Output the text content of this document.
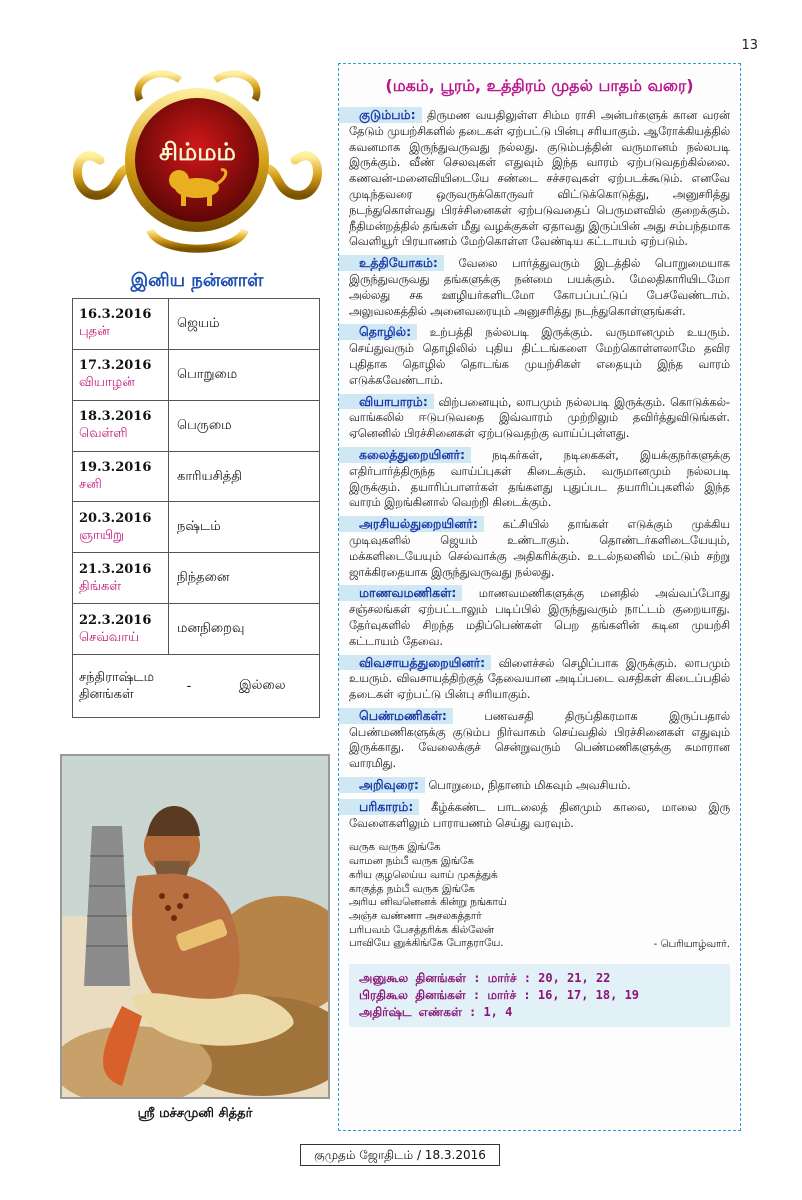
13
சிம்மம்
இனிய நன்னாள்
16.3.2016
புதன்	ஜெயம்

17.3.2016
வியாழன்	பொறுமை

18.3.2016
வெள்ளி	பெருமை

19.3.2016
சனி	காரியசித்தி

20.3.2016
ஞாயிறு	நஷ்டம்

21.3.2016
திங்கள்	நிந்தனை

22.3.2016
செவ்வாய்	மனநிறைவு

சந்திராஷ்டம
தினங்கள்
- இல்லை	
ஸ்ரீ மச்சமுனி சித்தர்
(மகம், பூரம், உத்திரம் முதல் பாதம் வரை)
குடும்பம்: திருமண வயதிலுள்ள சிம்ம ராசி அன்பர்களுக் கான வரன் தேடும் முயற்சிகளில் தடைகள் ஏற்பட்டு பின்பு சரியாகும். ஆரோக்கியத்தில் கவனமாக இருந்துவருவது நல்லது. குடும்பத்தின் வருமானம் நல்லபடி இருக்கும். வீண் செலவுகள் எதுவும் இந்த வாரம் ஏற்படுவதற்கில்லை. கணவன்-மனைவியிடையே சண்டை சச்சரவுகள் ஏற்படக்கூடும். எனவே முடிந்தவரை ஒருவருக்கொருவர் விட்டுக்கொடுத்து, அனுசரித்து நடந்துகொள்வது பிரச்சினைகள் ஏற்படுவதைப் பெருமளவில் குறைக்கும். நீதிமன்றத்தில் தங்கள் மீது வழக்குகள் ஏதாவது இருப்பின் அது சம்பந்தமாக வெளியூர் பிரயாணம் மேற்கொள்ள வேண்டிய கட்டாயம் ஏற்படும்.
உத்தியோகம்: வேலை பார்த்துவரும் இடத்தில் பொறுமையாக இருந்துவருவது தங்களுக்கு நன்மை பயக்கும். மேலதிகாரியிடமோ அல்லது சக ஊழியர்களிடமோ கோபப்பட்டுப் பேசவேண்டாம். அலுவலகத்தில் அனைவரையும் அனுசரித்து நடந்துகொள்ளுங்கள்.
தொழில்: உற்பத்தி நல்லபடி இருக்கும். வருமானமும் உயரும். செய்துவரும் தொழிலில் புதிய திட்டங்களை மேற்கொள்ளலாமே தவிர புதிதாக தொழில் தொடங்க முயற்சிகள் எதையும் இந்த வாரம் எடுக்கவேண்டாம்.
வியாபாரம்: விற்பனையும், லாபமும் நல்லபடி இருக்கும். கொடுக்கல்-வாங்கலில் ஈடுபடுவதை இவ்வாரம் முற்றிலும் தவிர்த்துவிடுங்கள். ஏனெனில் பிரச்சினைகள் ஏற்படுவதற்கு வாய்ப்புள்ளது.
கலைத்துறையினர்: நடிகர்கள், நடிகைகள், இயக்குநர்களுக்கு எதிர்பார்த்திருந்த வாய்ப்புகள் கிடைக்கும். வருமானமும் நல்லபடி இருக்கும். தயாரிப்பாளர்கள் தங்களது புதுப்பட தயாரிப்புகளில் இந்த வாரம் இறங்கினால் வெற்றி கிடைக்கும்.
அரசியல்துறையினர்: கட்சியில் தாங்கள் எடுக்கும் முக்கிய முடிவுகளில் ஜெயம் உண்டாகும். தொண்டர்களிடையேயும், மக்களிடையேயும் செல்வாக்கு அதிகரிக்கும். உடல்நலனில் மட்டும் சற்று ஜாக்கிரதையாக இருந்துவருவது நல்லது.
மாணவமணிகள்: மாணவமணிகளுக்கு மனதில் அவ்வப்போது சஞ்சலங்கள் ஏற்பட்டாலும் படிப்பில் இருந்துவரும் நாட்டம் குறையாது. தேர்வுகளில் சிறந்த மதிப்பெண்கள் பெற தங்களின் கடின முயற்சி கட்டாயம் தேவை.
விவசாயத்துறையினர்: விளைச்சல் செழிப்பாக இருக்கும். லாபமும் உயரும். விவசாயத்திற்குத் தேவையான அடிப்படை வசதிகள் கிடைப்பதில் தடைகள் ஏற்பட்டு பின்பு சரியாகும்.
பெண்மணிகள்:	பணவசதி திருப்திகரமாக இருப்பதால் பெண்மணிகளுக்கு குடும்ப நிர்வாகம் செய்வதில் பிரச்சினைகள் எதுவும் இருக்காது. வேலைக்குச் சென்றுவரும் பெண்மணிகளுக்கு சுமாரான வாரமிது.
அறிவுரை: பொறுமை, நிதானம் மிகவும் அவசியம்.
பரிகாரம்: கீழ்க்கண்ட பாடலைத் தினமும் காலை, மாலை இரு வேளைகளிலும் பாராயணம் செய்து வரவும்.
வருக வருக இங்கே
வாமன நம்பீ வருக இங்கே
கரிய குழலெய்ய வாய் முகத்துக்
காகுத்த நம்பீ வருக இங்கே
அரிய னிவனெனக் கின்று நங்காய்
அஞ்ச வண்ணா அசலகத்தார்
பரிபவம் பேசத்தரிக்க கில்லேன்
பாவியே னுக்கிங்கே போதராயே.	- பெரியாழ்வார்.
அனுகூல தினங்கள் : மார்ச் : 20, 21, 22
பிரதிகூல தினங்கள் : மார்ச் : 16, 17, 18, 19
அதிர்ஷ்ட எண்கள் : 1, 4
குமுதம் ஜோதிடம் / 18.3.2016
